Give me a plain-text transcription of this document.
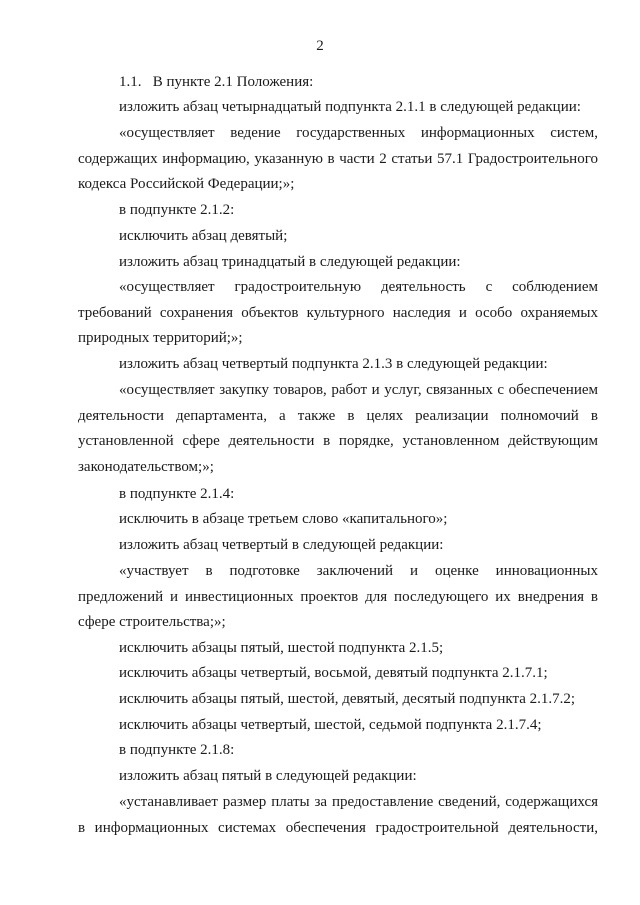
2

1.1.   В пункте 2.1 Положения:

изложить абзац четырнадцатый подпункта 2.1.1 в следующей редакции:

«осуществляет ведение государственных информационных систем, содержащих информацию, указанную в части 2 статьи 57.1 Градостроительного кодекса Российской Федерации;»;

в подпункте 2.1.2:

исключить абзац девятый;

изложить абзац тринадцатый в следующей редакции:

«осуществляет градостроительную деятельность с соблюдением требований сохранения объектов культурного наследия и особо охраняемых природных территорий;»;

изложить абзац четвертый подпункта 2.1.3 в следующей редакции:

«осуществляет закупку товаров, работ и услуг, связанных с обеспечением деятельности департамента, а также в целях реализации полномочий в установленной сфере деятельности в порядке, установленном действующим законодательством;»;

в подпункте 2.1.4:

исключить в абзаце третьем слово «капитального»;

изложить абзац четвертый в следующей редакции:

«участвует в подготовке заключений и оценке инновационных предложений и инвестиционных проектов для последующего их внедрения в сфере строительства;»;

исключить абзацы пятый, шестой подпункта 2.1.5;

исключить абзацы четвертый, восьмой, девятый подпункта 2.1.7.1;

исключить абзацы пятый, шестой, девятый, десятый подпункта 2.1.7.2;

исключить абзацы четвертый, шестой, седьмой подпункта 2.1.7.4;

в подпункте 2.1.8:

изложить абзац пятый в следующей редакции:

«устанавливает размер платы за предоставление сведений, содержащихся в информационных системах обеспечения градостроительной деятельности,
